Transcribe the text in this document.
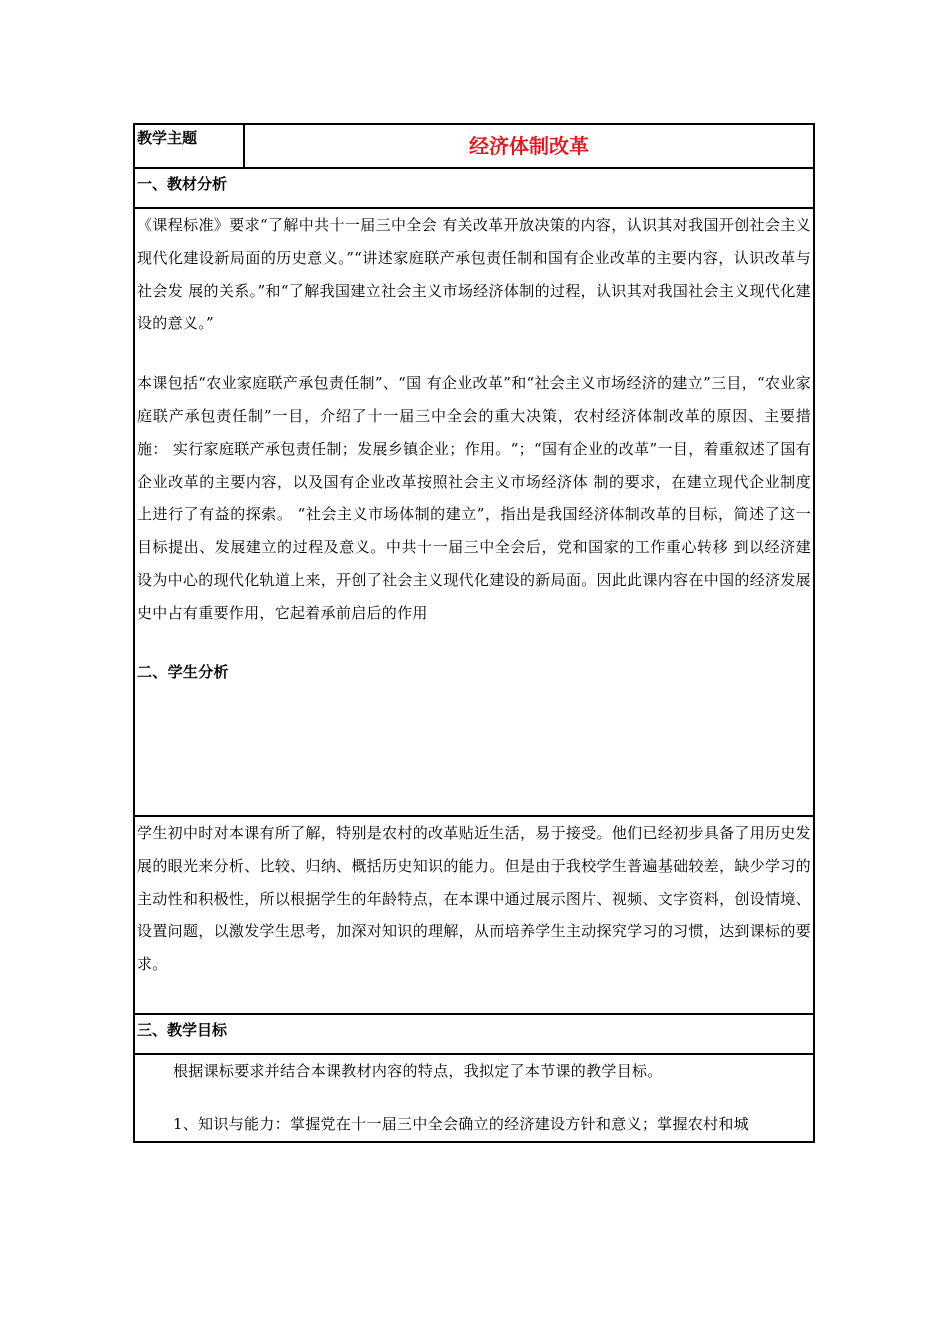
教学主题	经济体制改革
一、教材分析

《课程标准》要求“了解中共十一届三中全会 有关改革开放决策的内容，认识其对我国开创社会主义现代化建设新局面的历史意义。”“讲述家庭联产承包责任制和国有企业改革的主要内容，认识改革与社会发 展的关系。”和“了解我国建立社会主义市场经济体制的过程，认识其对我国社会主义现代化建设的意义。”

本课包括“农业家庭联产承包责任制”、“国 有企业改革”和“社会主义市场经济的建立”三目，“农业家庭联产承包责任制”一目，介绍了十一届三中全会的重大决策，农村经济体制改革的原因、主要措施： 实行家庭联产承包责任制；发展乡镇企业；作用。“；“国有企业的改革”一目，着重叙述了国有企业改革的主要内容，以及国有企业改革按照社会主义市场经济体 制的要求，在建立现代企业制度上进行了有益的探索。 “社会主义市场体制的建立”，指出是我国经济体制改革的目标，简述了这一目标提出、发展建立的过程及意义。中共十一届三中全会后，党和国家的工作重心转移 到以经济建设为中心的现代化轨道上来，开创了社会主义现代化建设的新局面。因此此课内容在中国的经济发展史中占有重要作用，它起着承前启后的作用

二、学生分析

学生初中时对本课有所了解，特别是农村的改革贴近生活，易于接受。他们已经初步具备了用历史发展的眼光来分析、比较、归纳、概括历史知识的能力。但是由于我校学生普遍基础较差，缺少学习的主动性和积极性，所以根据学生的年龄特点，在本课中通过展示图片、视频、文字资料，创设情境、设置问题，以激发学生思考，加深对知识的理解，从而培养学生主动探究学习的习惯，达到课标的要求。

三、教学目标

根据课标要求并结合本课教材内容的特点，我拟定了本节课的教学目标。

1、知识与能力：掌握党在十一届三中全会确立的经济建设方针和意义；掌握农村和城
